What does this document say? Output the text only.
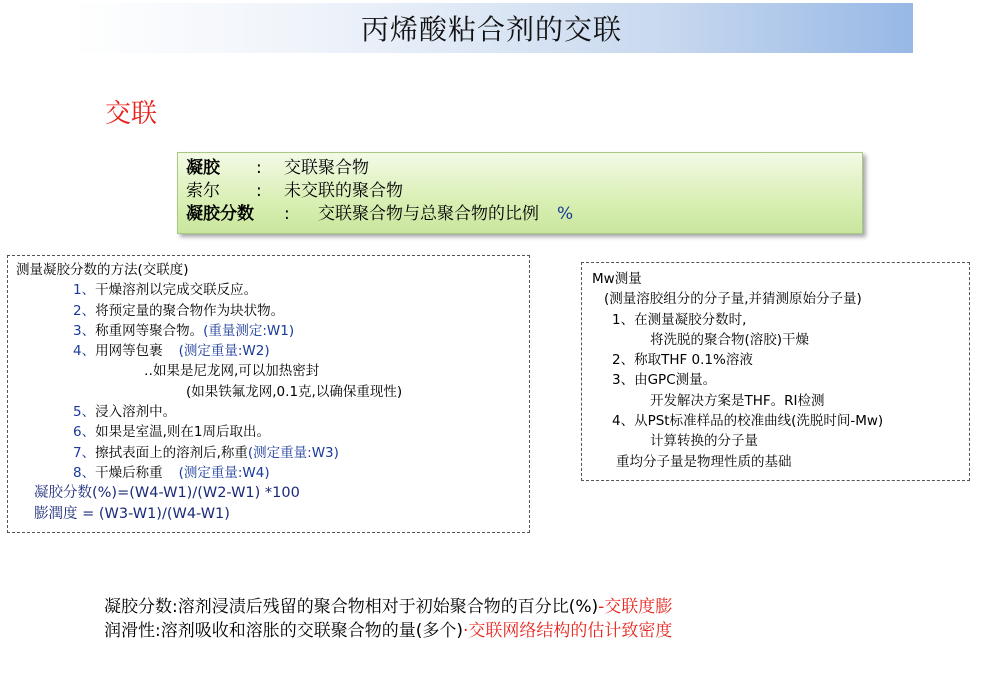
丙烯酸粘合剂的交联
交联
凝胶	:	交联聚合物
索尔	:	未交联的聚合物
凝胶分数	:	交联聚合物与总聚合物的比例 %
测量凝胶分数的方法(交联度)
1、干燥溶剂以完成交联反应。
2、将预定量的聚合物作为块状物。
3、称重网等聚合物。(重量测定:W1)
4、用网等包裹 (测定重量:W2)
‥如果是尼龙网,可以加热密封
(如果铁氟龙网,0.1克,以确保重现性)
5、浸入溶剂中。
6、如果是室温,则在1周后取出。
7、擦拭表面上的溶剂后,称重(测定重量:W3)
8、干燥后称重 (测定重量:W4)
凝胶分数(%)=(W4-W1)/(W2-W1) *100
膨潤度 = (W3-W1)/(W4-W1)
Mw测量
(测量溶胶组分的分子量,并猜测原始分子量)
1、在测量凝胶分数时,
将洗脱的聚合物(溶胶)干燥
2、称取THF 0.1%溶液
3、由GPC测量。
开发解决方案是THF。RI检测
4、从PSt标准样品的校准曲线(洗脱时间-Mw)
计算转换的分子量
重均分子量是物理性质的基础
凝胶分数:溶剂浸渍后残留的聚合物相对于初始聚合物的百分比(%)-交联度膨
润滑性:溶剂吸收和溶胀的交联聚合物的量(多个)·交联网络结构的估计致密度
